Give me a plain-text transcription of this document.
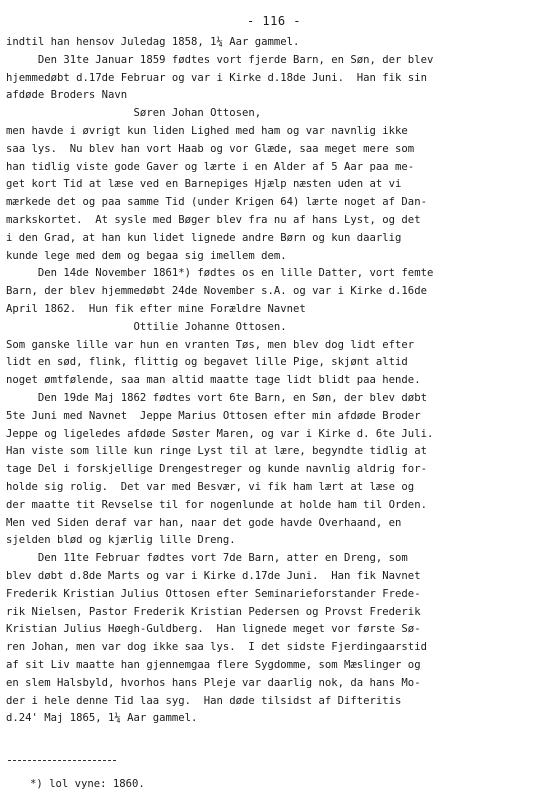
- 116 -
indtil han hensov Juledag 1858, 1¼ Aar gammel.
Den 31te Januar 1859 fødtes vort fjerde Barn, en Søn, der blev
hjemmedøbt d.17de Februar og var i Kirke d.18de Juni.  Han fik sin
afdøde Broders Navn
Søren Johan Ottosen,
men havde i øvrigt kun liden Lighed med ham og var navnlig ikke
saa lys.  Nu blev han vort Haab og vor Glæde, saa meget mere som
han tidlig viste gode Gaver og lærte i en Alder af 5 Aar paa me-
get kort Tid at læse ved en Barnepiges Hjælp næsten uden at vi
mærkede det og paa samme Tid (under Krigen 64) lærte noget af Dan-
markskortet.  At sysle med Bøger blev fra nu af hans Lyst, og det
i den Grad, at han kun lidet lignede andre Børn og kun daarlig
kunde lege med dem og begaa sig imellem dem.
Den 14de November 1861*) fødtes os en lille Datter, vort femte
Barn, der blev hjemmedøbt 24de November s.A. og var i Kirke d.16de
April 1862.  Hun fik efter mine Forældre Navnet
Ottilie Johanne Ottosen.
Som ganske lille var hun en vranten Tøs, men blev dog lidt efter
lidt en sød, flink, flittig og begavet lille Pige, skjønt altid
noget ømtfølende, saa man altid maatte tage lidt blidt paa hende.
Den 19de Maj 1862 fødtes vort 6te Barn, en Søn, der blev døbt
5te Juni med Navnet  Jeppe Marius Ottosen efter min afdøde Broder
Jeppe og ligeledes afdøde Søster Maren, og var i Kirke d. 6te Juli.
Han viste som lille kun ringe Lyst til at lære, begyndte tidlig at
tage Del i forskjellige Drengestreger og kunde navnlig aldrig for-
holde sig rolig.  Det var med Besvær, vi fik ham lært at læse og
der maatte tit Revselse til for nogenlunde at holde ham til Orden.
Men ved Siden deraf var han, naar det gode havde Overhaand, en
sjelden blød og kjærlig lille Dreng.
Den 11te Februar fødtes vort 7de Barn, atter en Dreng, som
blev døbt d.8de Marts og var i Kirke d.17de Juni.  Han fik Navnet
Frederik Kristian Julius Ottosen efter Seminarieforstander Frede-
rik Nielsen, Pastor Frederik Kristian Pedersen og Provst Frederik
Kristian Julius Høegh-Guldberg.  Han lignede meget vor første Sø-
ren Johan, men var dog ikke saa lys.  I det sidste Fjerdingaarstid
af sit Liv maatte han gjennemgaa flere Sygdomme, som Mæslinger og
en slem Halsbyld, hvorhos hans Pleje var daarlig nok, da hans Mo-
der i hele denne Tid laa syg.  Han døde tilsidst af Difteritis
d.24' Maj 1865, 1¼ Aar gammel.
*) lol vyne: 1860.
